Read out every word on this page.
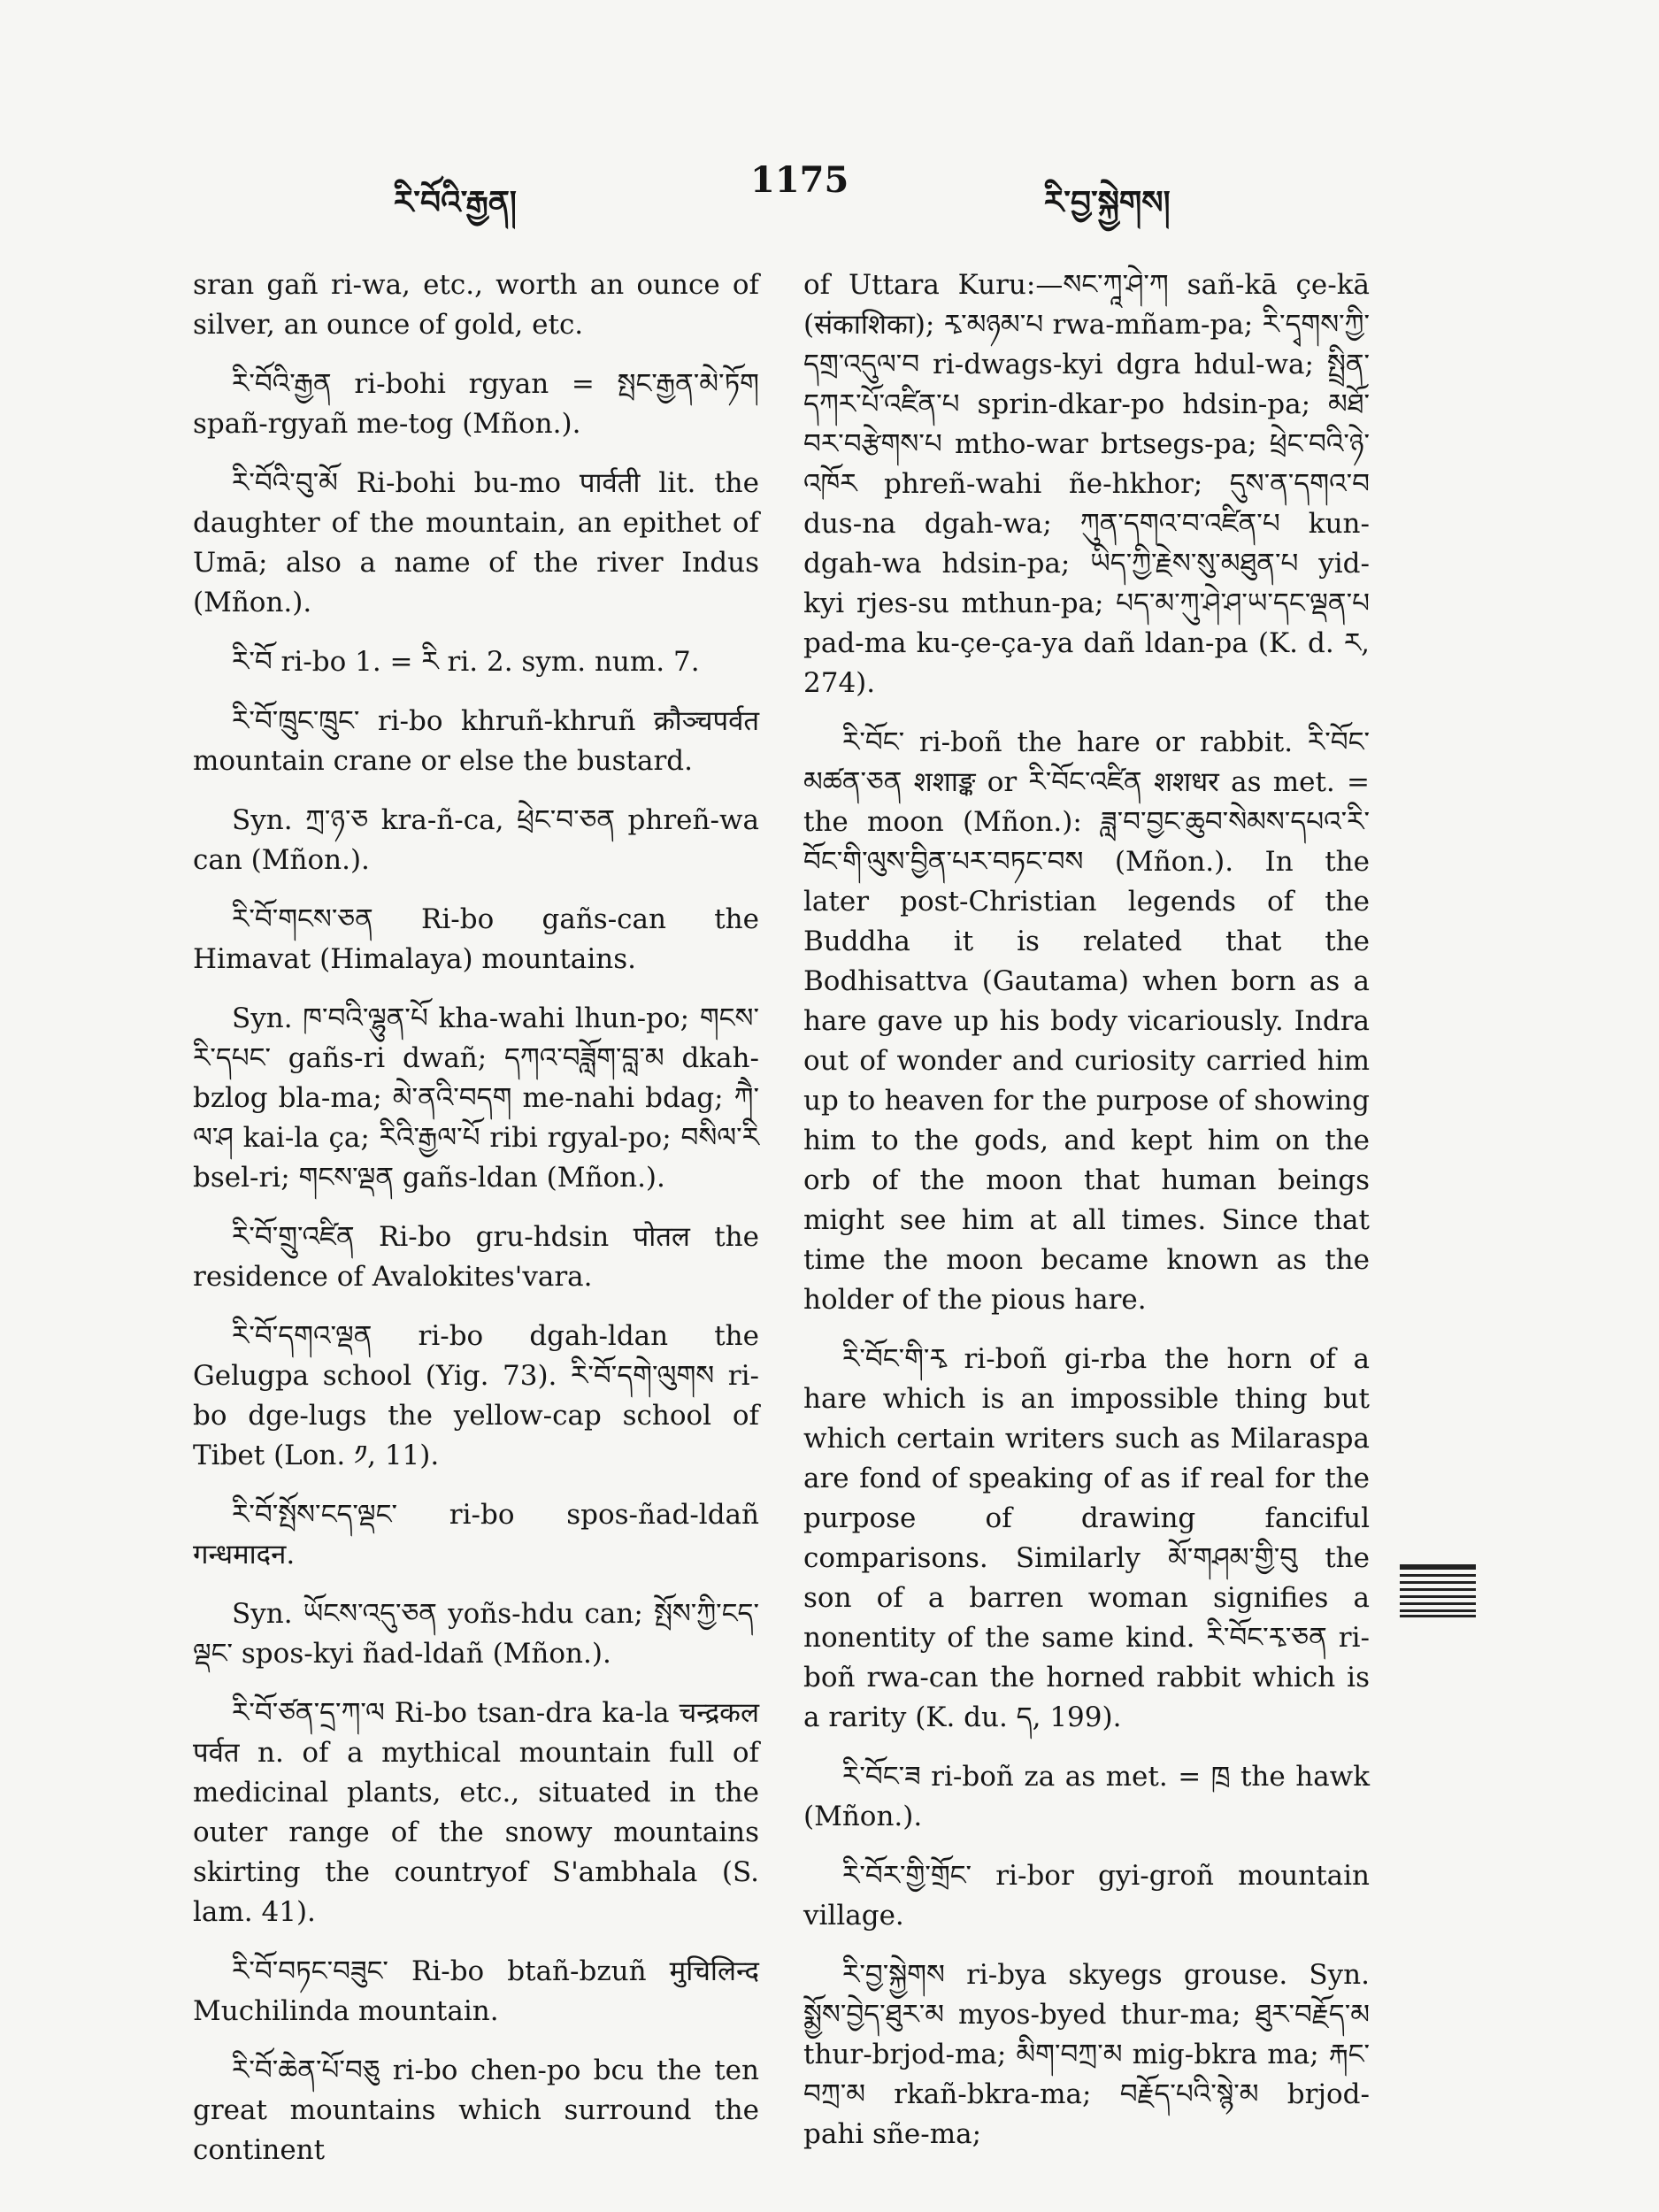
རི་བོའི་རྒྱན།
1175
རི་བྱ་སྐྱེགས།

sran gañ ri-wa, etc., worth an ounce of silver, an ounce of gold, etc.

རི་བོའི་རྒྱན ri-bohi rgyan = སྤང་རྒྱན་མེ་ཏོག spañ-rgyañ me-tog (Mñon.).

རི་བོའི་བུ་མོ Ri-bohi bu-mo पार्वती lit. the daughter of the mountain, an epithet of Umā; also a name of the river Indus (Mñon.).

རི་བོ ri-bo 1. = རི ri. 2. sym. num. 7.

རི་བོ་ཁྲུང་ཁྲུང་ ri-bo khruñ-khruñ क्रौञ्चपर्वत mountain crane or else the bustard.

Syn. ཀྲ་ཉ་ཅ kra-ñ-ca, ཕྲེང་བ་ཅན phreñ-wa can (Mñon.).

རི་བོ་གངས་ཅན Ri-bo gañs-can the Himavat (Himalaya) mountains.

Syn. ཁ་བའི་ལྷུན་པོ kha-wahi lhun-po; གངས་རི་དཔང་ gañs-ri dwañ; དཀའ་བཟློག་བླ་མ dkah-bzlog bla-ma; མེ་ནའི་བདག me-nahi bdag; ཀཻ་ལ་ཤ kai-la ça; རིའི་རྒྱལ་པོ ribi rgyal-po; བསིལ་རི bsel-ri; གངས་ལྡན gañs-ldan (Mñon.).

རི་བོ་གྲུ་འཛིན Ri-bo gru-hdsin पोतल the residence of Avalokites'vara.

རི་བོ་དགའ་ལྡན ri-bo dgah-ldan the Gelugpa school (Yig. 73). རི་བོ་དགེ་ལུགས ri-bo dge-lugs the yellow-cap school of Tibet (Lon. ༡, 11).

རི་བོ་སྤོས་ངད་ལྡང་ ri-bo spos-ñad-ldañ गन्धमादन.

Syn. ཡོངས་འདུ་ཅན yoñs-hdu can; སྤོས་ཀྱི་ངད་ལྡང་ spos-kyi ñad-ldañ (Mñon.).

རི་བོ་ཙན་དྲ་ཀ་ལ Ri-bo tsan-dra ka-la चन्द्रकल पर्वत n. of a mythical mountain full of medicinal plants, etc., situated in the outer range of the snowy mountains skirting the countryof S'ambhala (S. lam. 41).

རི་བོ་བཏང་བཟུང་ Ri-bo btañ-bzuñ मुचिलिन्द Muchilinda mountain.

རི་བོ་ཆེན་པོ་བཅུ ri-bo chen-po bcu the ten great mountains which surround the continent

of Uttara Kuru:—སང་ཀཱ་ཤེ་ཀ sañ-kā çe-kā (संकाशिका); རྭ་མཉམ་པ rwa-mñam-pa; རི་དྭགས་ཀྱི་དགྲ་འདུལ་བ ri-dwags-kyi dgra hdul-wa; སྤྲིན་དཀར་པོ་འཛིན་པ sprin-dkar-po hdsin-pa; མཐོ་བར་བརྩེགས་པ mtho-war brtsegs-pa; ཕྲེང་བའི་ཉེ་འཁོར phreñ-wahi ñe-hkhor; དུས་ན་དགའ་བ dus-na dgah-wa; ཀུན་དགའ་བ་འཛིན་པ kun-dgah-wa hdsin-pa; ཡིད་ཀྱི་རྗེས་སུ་མཐུན་པ yid-kyi rjes-su mthun-pa; པད་མ་ཀུ་ཤེ་ཤ་ཡ་དང་ལྡན་པ pad-ma ku-çe-ça-ya dañ ldan-pa (K. d. ར, 274).

རི་བོང་ ri-boñ the hare or rabbit. རི་བོང་མཚན་ཅན शशाङ्क or རི་བོང་འཛིན शशधर as met. = the moon (Mñon.): ཟླ་བ་བྱང་ཆུབ་སེམས་དཔའ་རི་བོང་གི་ལུས་བྱིན་པར་བཏང་བས (Mñon.). In the later post-Christian legends of the Buddha it is related that the Bodhisattva (Gautama) when born as a hare gave up his body vicariously. Indra out of wonder and curiosity carried him up to heaven for the purpose of showing him to the gods, and kept him on the orb of the moon that human beings might see him at all times. Since that time the moon became known as the holder of the pious hare.

རི་བོང་གི་རྭ ri-boñ gi-rba the horn of a hare which is an impossible thing but which certain writers such as Milaraspa are fond of speaking of as if real for the purpose of drawing fanciful comparisons. Similarly མོ་གཤམ་གྱི་བུ the son of a barren woman signifies a nonentity of the same kind. རི་བོང་རྭ་ཅན ri-boñ rwa-can the horned rabbit which is a rarity (K. du. ད, 199).

རི་བོང་ཟ ri-boñ za as met. = ཁྲ the hawk (Mñon.).

རི་བོར་གྱི་གྲོང་ ri-bor gyi-groñ mountain village.

རི་བྱ་སྐྱེགས ri-bya skyegs grouse. Syn. སྨྱོས་བྱེད་ཐུར་མ myos-byed thur-ma; ཐུར་བརྗོད་མ thur-brjod-ma; མིག་བཀྲ་མ mig-bkra ma; རྐང་བཀྲ་མ rkañ-bkra-ma; བརྗོད་པའི་སྙེ་མ brjod-pahi sñe-ma;
